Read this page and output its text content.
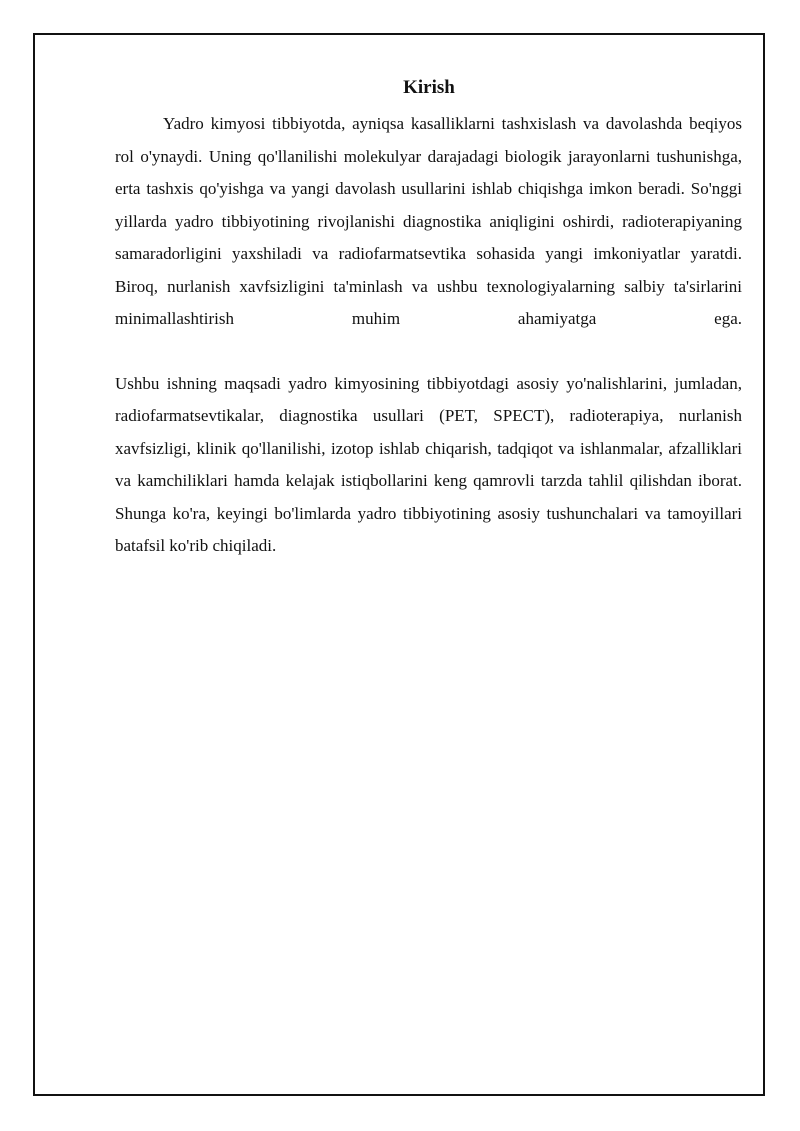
Kirish

Yadro kimyosi tibbiyotda, ayniqsa kasalliklarni tashxislash va davolashda beqiyos rol o'ynaydi. Uning qo'llanilishi molekulyar darajadagi biologik jarayonlarni tushunishga, erta tashxis qo'yishga va yangi davolash usullarini ishlab chiqishga imkon beradi. So'nggi yillarda yadro tibbiyotining rivojlanishi diagnostika aniqligini oshirdi, radioterapiyaning samaradorligini yaxshiladi va radiofarmatsevtika sohasida yangi imkoniyatlar yaratdi. Biroq, nurlanish xavfsizligini ta'minlash va ushbu texnologiyalarning salbiy ta'sirlarini minimallashtirish muhim ahamiyatga ega.

Ushbu ishning maqsadi yadro kimyosining tibbiyotdagi asosiy yo'nalishlarini, jumladan, radiofarmatsevtikalar, diagnostika usullari (PET, SPECT), radioterapiya, nurlanish xavfsizligi, klinik qo'llanilishi, izotop ishlab chiqarish, tadqiqot va ishlanmalar, afzalliklari va kamchiliklari hamda kelajak istiqbollarini keng qamrovli tarzda tahlil qilishdan iborat. Shunga ko'ra, keyingi bo'limlarda yadro tibbiyotining asosiy tushunchalari va tamoyillari batafsil ko'rib chiqiladi.
